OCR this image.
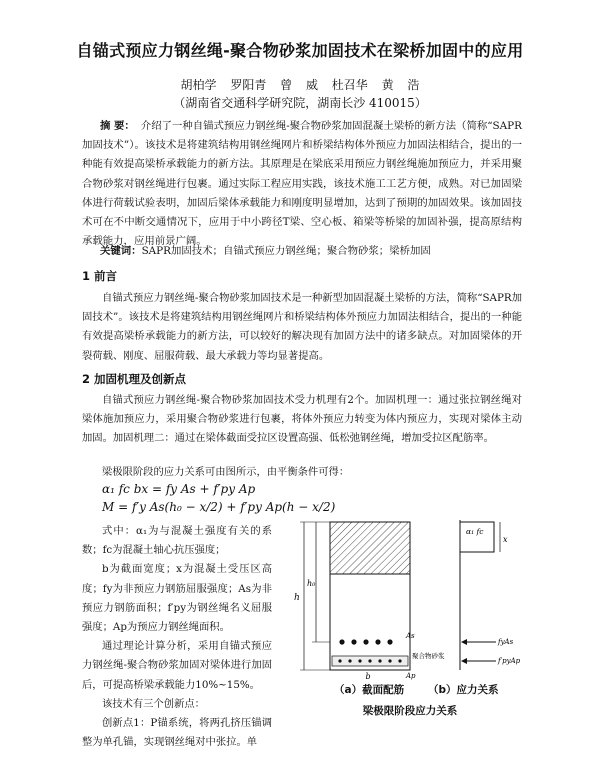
自锚式预应力钢丝绳-聚合物砂浆加固技术在梁桥加固中的应用
胡柏学 罗阳青 曾 威 杜召华 黄 浩
（湖南省交通科学研究院，湖南长沙 410015）
摘 要： 介绍了一种自锚式预应力钢丝绳-聚合物砂浆加固混凝土梁桥的新方法（简称“SAPR加固技术”）。该技术是将建筑结构用钢丝绳网片和桥梁结构体外预应力加固法相结合，提出的一种能有效提高梁桥承载能力的新方法。其原理是在梁底采用预应力钢丝绳施加预应力，并采用聚合物砂浆对钢丝绳进行包裹。通过实际工程应用实践，该技术施工工艺方便，成熟。对已加固梁体进行荷载试验表明，加固后梁体承载能力和刚度明显增加，达到了预期的加固效果。该加固技术可在不中断交通情况下，应用于中小跨径T梁、空心板、箱梁等桥梁的加固补强，提高原结构承载能力，应用前景广阔。
关键词：SAPR加固技术；自锚式预应力钢丝绳；聚合物砂浆；梁桥加固
1 前言
自锚式预应力钢丝绳-聚合物砂浆加固技术是一种新型加固混凝土梁桥的方法，简称“SAPR加固技术”。该技术是将建筑结构用钢丝绳网片和桥梁结构体外预应力加固法相结合，提出的一种能有效提高梁桥承载能力的新方法，可以较好的解决现有加固方法中的诸多缺点。对加固梁体的开裂荷载、刚度、屈服荷载、最大承载力等均显著提高。
2 加固机理及创新点
自锚式预应力钢丝绳-聚合物砂浆加固技术受力机理有2个。加固机理一：通过张拉钢丝绳对梁体施加预应力，采用聚合物砂浆进行包裹，将体外预应力转变为体内预应力，实现对梁体主动加固。加固机理二：通过在梁体截面受拉区设置高强、低松弛钢丝绳，增加受拉区配筋率。
梁极限阶段的应力关系可由图所示，由平衡条件可得：
α₁ fc bx = fy As + f′py Ap
M = f′y As(h₀ − x/2) + f′py Ap(h − x/2)

式中：α₁为与混凝土强度有关的系数；fc为混凝土轴心抗压强度；

b为截面宽度；x为混凝土受压区高度；fy为非预应力钢筋屈服强度；As为非预应力钢筋面积；f′py为钢丝绳名义屈服强度；Ap为预应力钢丝绳面积。

通过理论计算分析，采用自锚式预应力钢丝绳-聚合物砂浆加固对梁体进行加固后，可提高桥梁承载能力10%~15%。

该技术有三个创新点：

创新点1：P锚系统，将两孔挤压锚调整为单孔锚，实现钢丝绳对中张拉。单

h
h₀
As
聚合物砂浆
Ap
x
α₁ fc
fyAs
f′pyAp
b
（a）截面配筋 （b）应力关系
梁极限阶段应力关系
